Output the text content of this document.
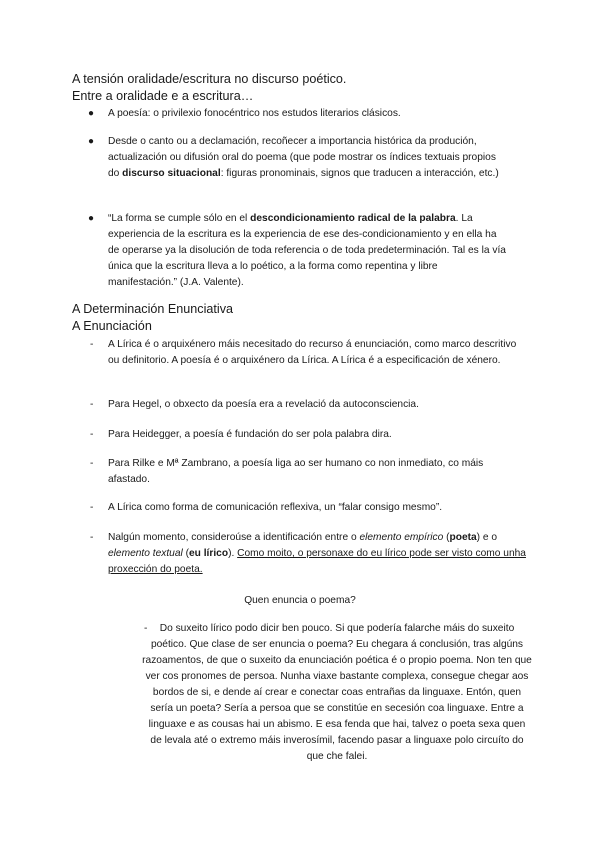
A tensión oralidade/escritura no discurso poético.
Entre a oralidade e a escritura…
● A poesía: o privilexio fonocéntrico nos estudos literarios clásicos.

● Desde o canto ou a declamación, recoñecer a importancia histórica da produción, actualización ou difusión oral do poema (que pode mostrar os índices textuais propios do discurso situacional: figuras pronominais, signos que traducen a interacción, etc.)

● “La forma se cumple sólo en el descondicionamiento radical de la palabra. La experiencia de la escritura es la experiencia de ese des-condicionamiento y en ella ha de operarse ya la disolución de toda referencia o de toda predeterminación. Tal es la vía única que la escritura lleva a lo poético, a la forma como repentina y libre manifestación.” (J.A. Valente).

A Determinación Enunciativa
A Enunciación
- A Lírica é o arquixénero máis necesitado do recurso á enunciación, como marco descritivo ou definitorio. A poesía é o arquixénero da Lírica. A Lírica é a especificación de xénero.

- Para Hegel, o obxecto da poesía era a revelació da autoconsciencia.

- Para Heidegger, a poesía é fundación do ser pola palabra dira.

- Para Rilke e Mª Zambrano, a poesía liga ao ser humano co non inmediato, co máis afastado.

- A Lírica como forma de comunicación reflexiva, un “falar consigo mesmo”.

- Nalgún momento, consideroúse a identificación entre o elemento empírico (poeta) e o elemento textual (eu lírico). Como moito, o personaxe do eu lírico pode ser visto como unha proxección do poeta.

Quen enuncia o poema?
-	Do suxeito lírico podo dicir ben pouco. Si que podería falarche máis do suxeito poético. Que clase de ser enuncia o poema? Eu chegara á conclusión, tras algúns razoamentos, de que o suxeito da enunciación poética é o propio poema. Non ten que ver cos pronomes de persoa. Nunha viaxe bastante complexa, consegue chegar aos bordos de si, e dende aí crear e conectar coas entrañas da linguaxe. Entón, quen sería un poeta? Sería a persoa que se constitúe en secesión coa linguaxe. Entre a linguaxe e as cousas hai un abismo. E esa fenda que hai, talvez o poeta sexa quen de levala até o extremo máis inverosímil, facendo pasar a linguaxe polo circuíto do que che falei.
